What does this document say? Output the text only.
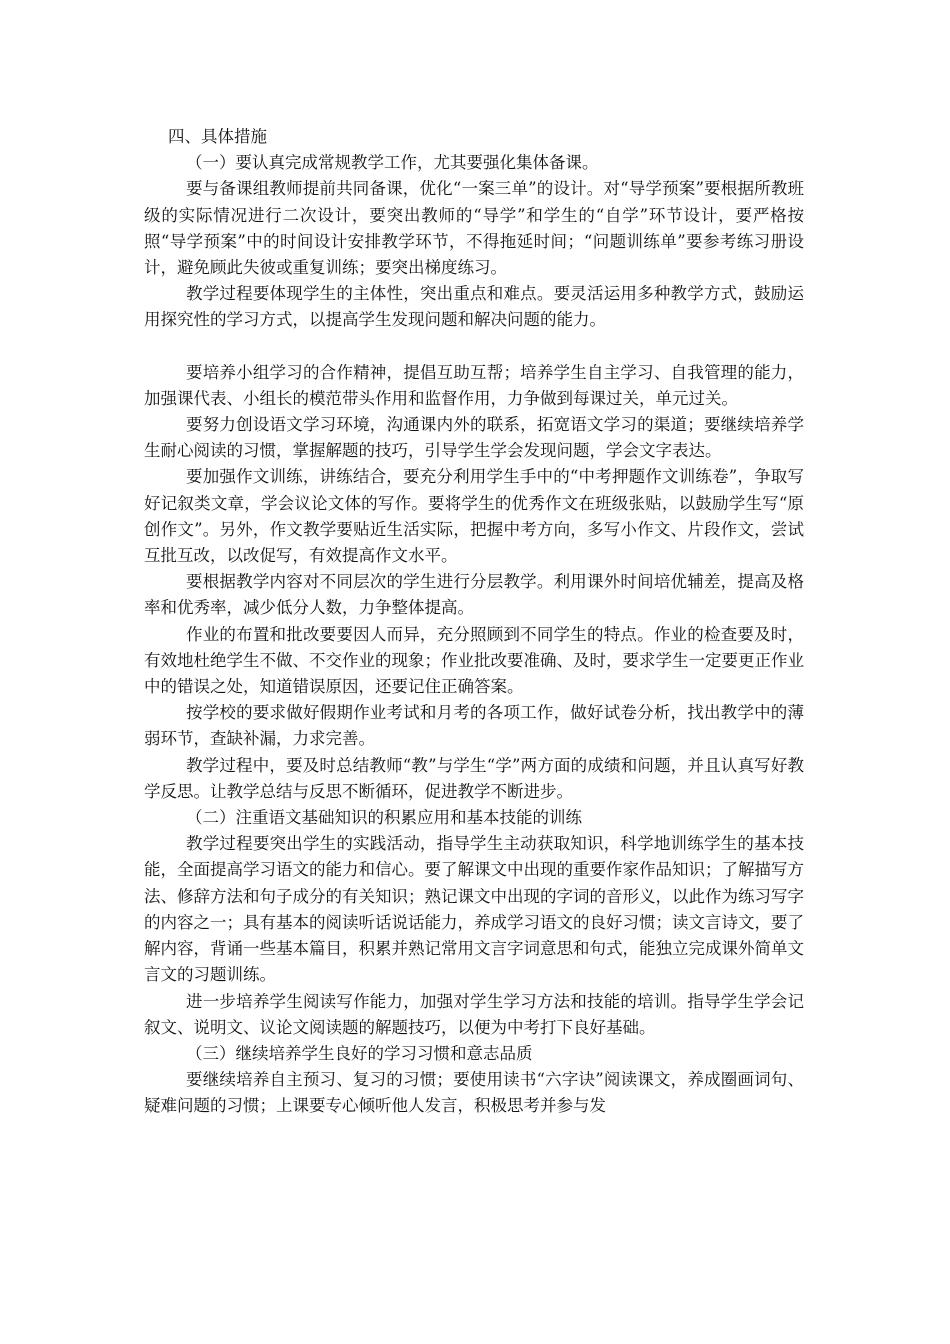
四、具体措施

（一）要认真完成常规教学工作，尤其要强化集体备课。

要与备课组教师提前共同备课，优化“一案三单”的设计。对“导学预案”要根据所教班级的实际情况进行二次设计，要突出教师的“导学”和学生的“自学”环节设计，要严格按照“导学预案”中的时间设计安排教学环节，不得拖延时间；“问题训练单”要参考练习册设计，避免顾此失彼或重复训练；要突出梯度练习。

教学过程要体现学生的主体性，突出重点和难点。要灵活运用多种教学方式，鼓励运用探究性的学习方式，以提高学生发现问题和解决问题的能力。

要培养小组学习的合作精神，提倡互助互帮；培养学生自主学习、自我管理的能力，加强课代表、小组长的模范带头作用和监督作用，力争做到每课过关，单元过关。

要努力创设语文学习环境，沟通课内外的联系，拓宽语文学习的渠道；要继续培养学生耐心阅读的习惯，掌握解题的技巧，引导学生学会发现问题，学会文字表达。

要加强作文训练，讲练结合，要充分利用学生手中的“中考押题作文训练卷”，争取写好记叙类文章，学会议论文体的写作。要将学生的优秀作文在班级张贴，以鼓励学生写“原创作文”。另外，作文教学要贴近生活实际，把握中考方向，多写小作文、片段作文，尝试互批互改，以改促写，有效提高作文水平。

要根据教学内容对不同层次的学生进行分层教学。利用课外时间培优辅差，提高及格率和优秀率，减少低分人数，力争整体提高。

作业的布置和批改要要因人而异，充分照顾到不同学生的特点。作业的检查要及时，有效地杜绝学生不做、不交作业的现象；作业批改要准确、及时，要求学生一定要更正作业中的错误之处，知道错误原因，还要记住正确答案。

按学校的要求做好假期作业考试和月考的各项工作，做好试卷分析，找出教学中的薄弱环节，查缺补漏，力求完善。

教学过程中，要及时总结教师“教”与学生“学”两方面的成绩和问题，并且认真写好教学反思。让教学总结与反思不断循环，促进教学不断进步。

（二）注重语文基础知识的积累应用和基本技能的训练

教学过程要突出学生的实践活动，指导学生主动获取知识，科学地训练学生的基本技能，全面提高学习语文的能力和信心。要了解课文中出现的重要作家作品知识；了解描写方法、修辞方法和句子成分的有关知识；熟记课文中出现的字词的音形义，以此作为练习写字的内容之一；具有基本的阅读听话说话能力，养成学习语文的良好习惯；读文言诗文，要了解内容，背诵一些基本篇目，积累并熟记常用文言字词意思和句式，能独立完成课外简单文言文的习题训练。

进一步培养学生阅读写作能力，加强对学生学习方法和技能的培训。指导学生学会记叙文、说明文、议论文阅读题的解题技巧，以便为中考打下良好基础。

（三）继续培养学生良好的学习习惯和意志品质

要继续培养自主预习、复习的习惯；要使用读书“六字诀”阅读课文，养成圈画词句、疑难问题的习惯；上课要专心倾听他人发言，积极思考并参与发
